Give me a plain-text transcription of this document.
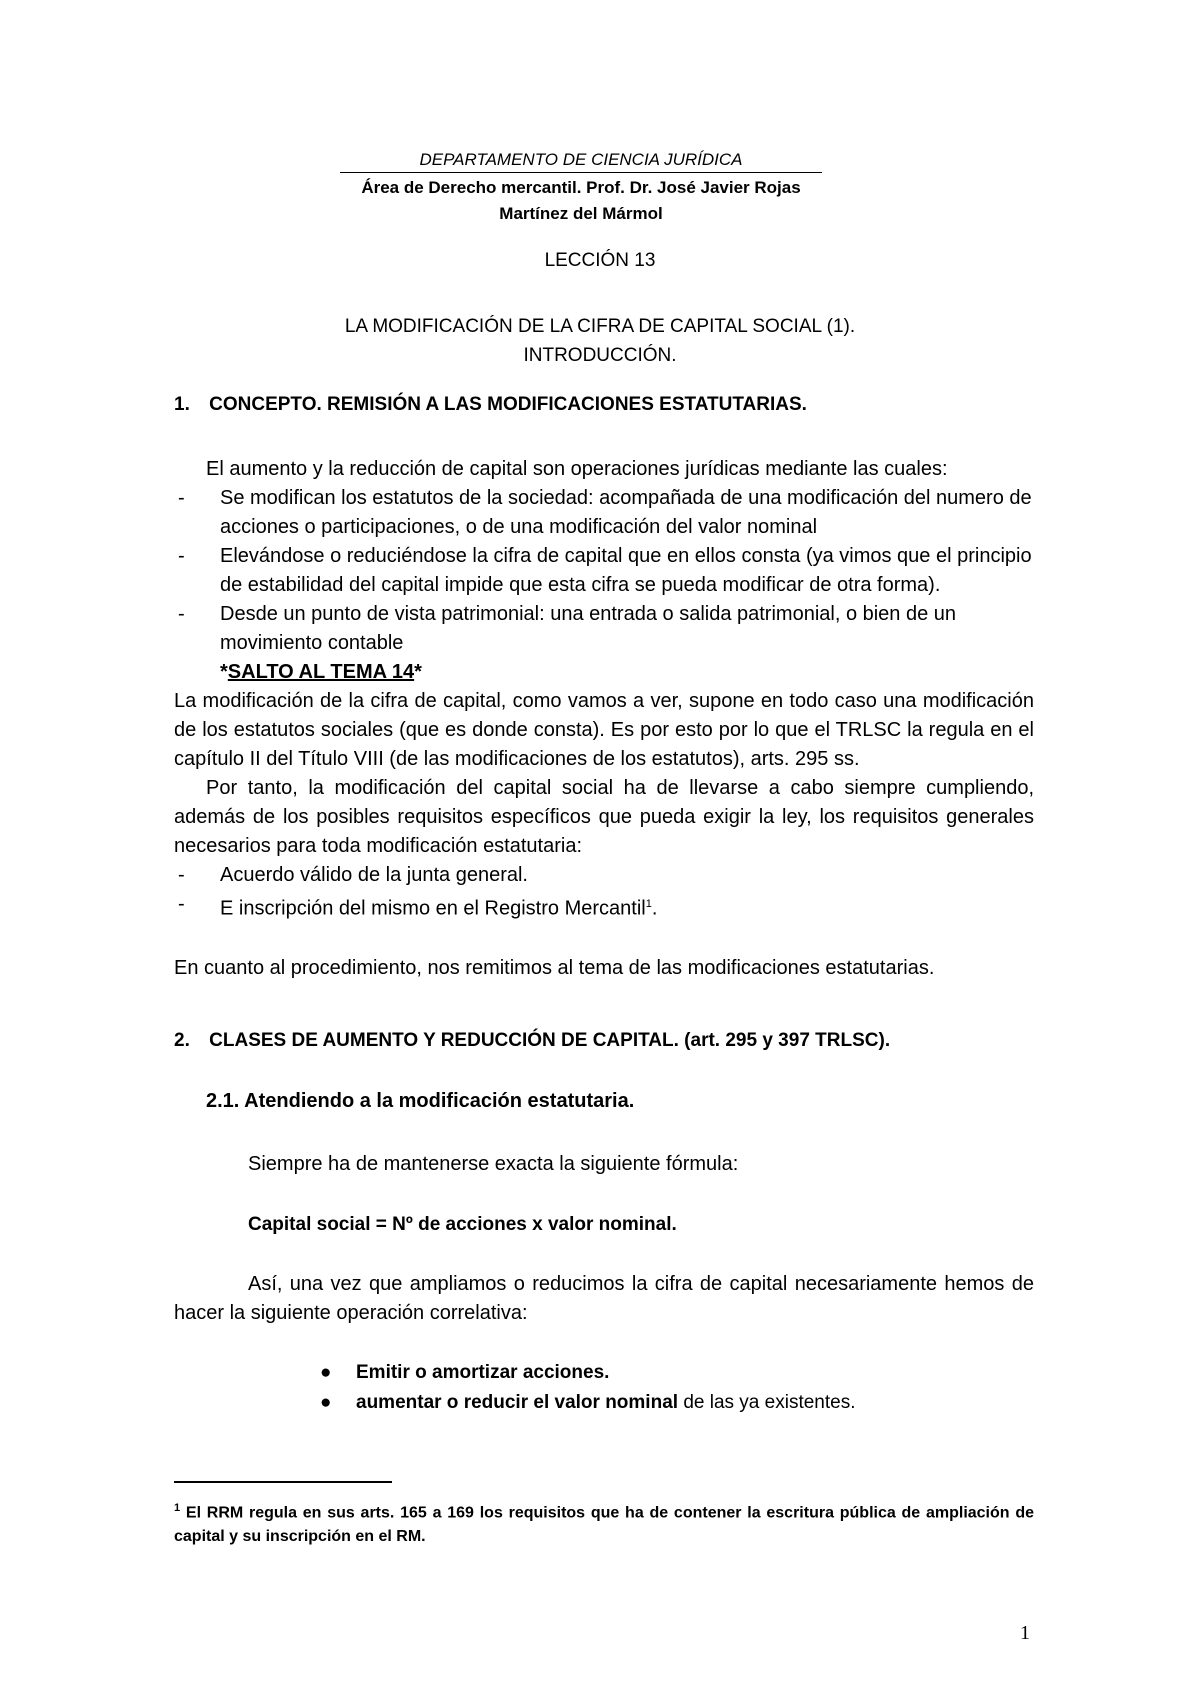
DEPARTAMENTO DE CIENCIA JURÍDICA
Área de Derecho mercantil. Prof. Dr. José Javier Rojas
Martínez del Mármol
LECCIÓN 13
LA MODIFICACIÓN DE LA CIFRA DE CAPITAL SOCIAL (1).
INTRODUCCIÓN.
1. CONCEPTO. REMISIÓN A LAS MODIFICACIONES ESTATUTARIAS.
El aumento y la reducción de capital son operaciones jurídicas mediante las cuales:
- Se modifican los estatutos de la sociedad: acompañada de una modificación del numero de acciones o participaciones, o de una modificación del valor nominal
- Elevándose o reduciéndose la cifra de capital que en ellos consta (ya vimos que el principio de estabilidad del capital impide que esta cifra se pueda modificar de otra forma).
- Desde un punto de vista patrimonial: una entrada o salida patrimonial, o bien de un movimiento contable
*SALTO AL TEMA 14*
La modificación de la cifra de capital, como vamos a ver, supone en todo caso una modificación de los estatutos sociales (que es donde consta). Es por esto por lo que el TRLSC la regula en el capítulo II del Título VIII (de las modificaciones de los estatutos), arts. 295 ss.
Por tanto, la modificación del capital social ha de llevarse a cabo siempre cumpliendo, además de los posibles requisitos específicos que pueda exigir la ley, los requisitos generales necesarios para toda modificación estatutaria:
- Acuerdo válido de la junta general.
- E inscripción del mismo en el Registro Mercantil$^1$.
En cuanto al procedimiento, nos remitimos al tema de las modificaciones estatutarias.
2. CLASES DE AUMENTO Y REDUCCIÓN DE CAPITAL. (art. 295 y 397 TRLSC).
2.1. Atendiendo a la modificación estatutaria.
Siempre ha de mantenerse exacta la siguiente fórmula:
Capital social = Nº de acciones x valor nominal.
Así, una vez que ampliamos o reducimos la cifra de capital necesariamente hemos de hacer la siguiente operación correlativa:
● Emitir o amortizar acciones.
● aumentar o reducir el valor nominal de las ya existentes.
$^1$ El RRM regula en sus arts. 165 a 169 los requisitos que ha de contener la escritura pública de ampliación de capital y su inscripción en el RM.
1
